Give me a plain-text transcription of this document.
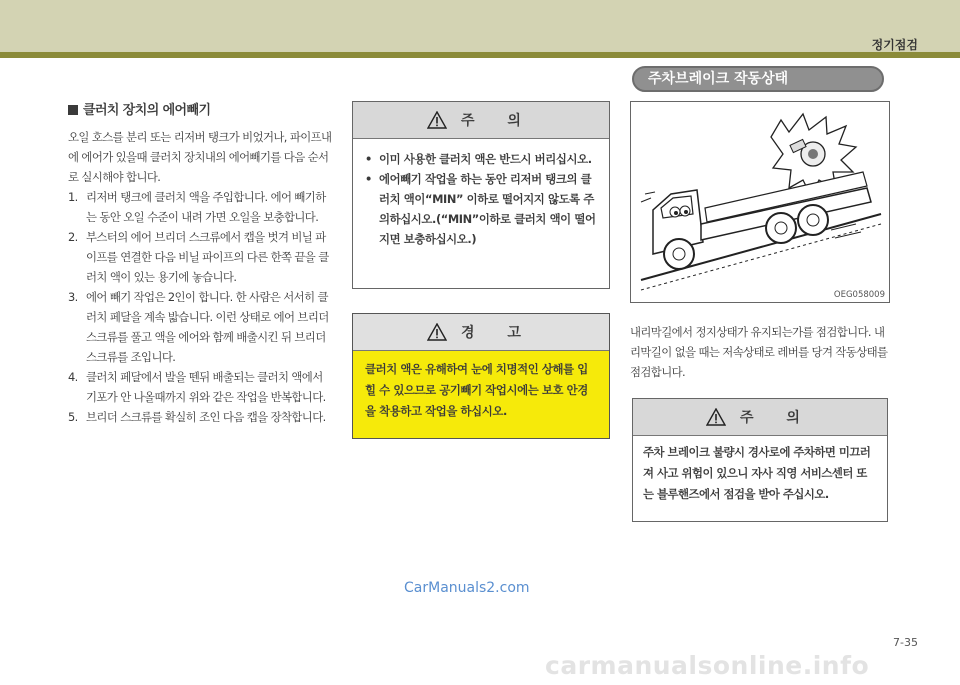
정기점검
클러치 장치의 에어빼기

오일 호스를 분리 또는 리저버 탱크가 비었거나, 파이프내에 에어가 있을때 클러치 장치내의 에어빼기를 다음 순서로 실시해야 합니다.

1. 리저버 탱크에 클러치 액을 주입합니다. 에어 빼기하는 동안 오일 수준이 내려 가면 오일을 보충합니다.
2. 부스터의 에어 브리더 스크류에서 캡을 벗겨 비닐 파이프를 연결한 다음 비닐 파이프의 다른 한쪽 끝을 클러치 액이 있는 용기에 놓습니다.
3. 에어 빼기 작업은 2인이 합니다. 한 사람은 서서히 클러치 페달을 계속 밟습니다. 이런 상태로 에어 브리더 스크류를 풀고 액을 에어와 함께 배출시킨 뒤 브리더 스크류를 조입니다.
4. 클러치 페달에서 발을 뗀뒤 배출되는 클러치 액에서 기포가 안 나올때까지 위와 같은 작업을 반복합니다.
5. 브리더 스크류를 확실히 조인 다음 캡을 장착합니다.
주 의
• 이미 사용한 클러치 액은 반드시 버리십시오.
• 에어빼기 작업을 하는 동안 리저버 탱크의 클러치 액이“MIN” 이하로 떨어지지 않도록 주의하십시오.(“MIN”이하로 클러치 액이 떨어지면 보충하십시오.)
경 고
클러치 액은 유해하여 눈에 치명적인 상해를 입힐 수 있으므로 공기빼기 작업시에는 보호 안경을 착용하고 작업을 하십시오.
주차브레이크 작동상태
OEG058009
내리막길에서 정지상태가 유지되는가를 점검합니다. 내리막길이 없을 때는 저속상태로 레버를 당겨 작동상태를 점검합니다.
주 의
주차 브레이크 불량시 경사로에 주차하면 미끄러져 사고 위험이 있으니 자사 직영 서비스센터 또는 블루핸즈에서 점검을 받아 주십시오.
CarManuals2.com
7-35
carmanualsonline.info
